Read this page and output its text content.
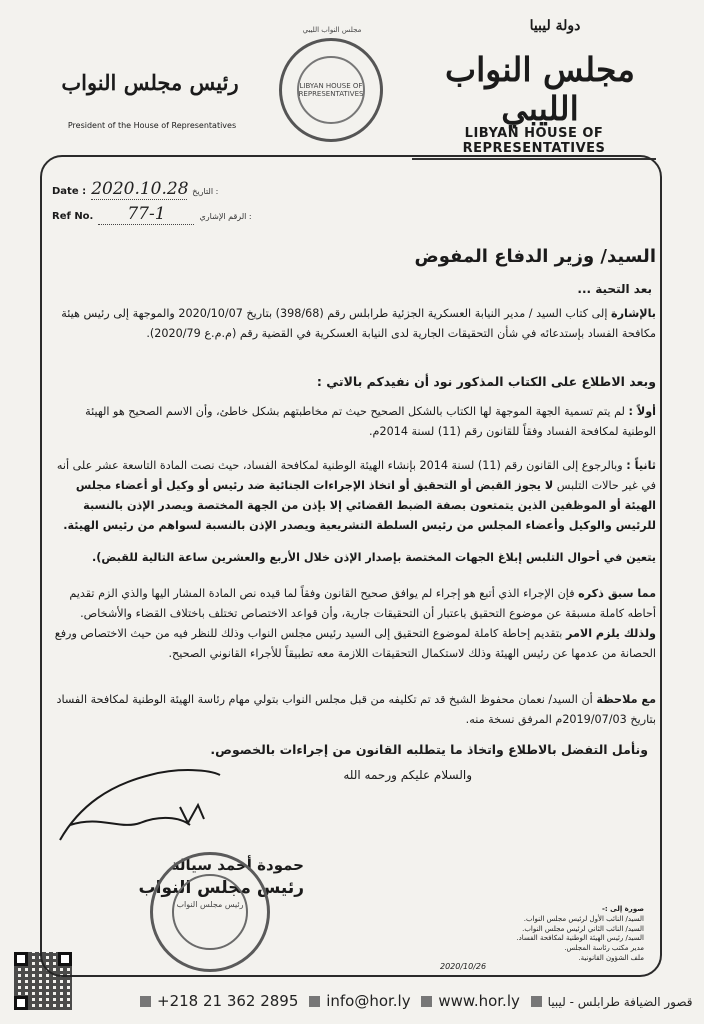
رئيس مجلس النواب
President of the House of Representatives
مجلس النواب الليبي
LIBYAN HOUSE OF REPRESENTATIVES
دولة ليبيا
مجلس النواب الليبي
LIBYAN HOUSE OF REPRESENTATIVES
Date : 2020.10.28 التاريخ :
Ref No. 77-1	الرقم الإشاري :
السيد/ وزير الدفاع المفوض
بعد التحية ...
بالإشارة إلى كتاب السيد / مدير النيابة العسكرية الجزئية طرابلس رقم (398/68) بتاريخ 2020/10/07 والموجهة إلى رئيس هيئة مكافحة الفساد بإستدعائه في شأن التحقيقات الجارية لدى النيابة العسكرية في القضية رقم (م.م.ع 2020/79).
وبعد الاطلاع على الكتاب المذكور نود أن نفيدكم بالاتي :
أولاً : لم يتم تسمية الجهة الموجهة لها الكتاب بالشكل الصحيح حيث تم مخاطبتهم بشكل خاطئ، وأن الاسم الصحيح هو الهيئة الوطنية لمكافحة الفساد وفقاً للقانون رقم (11) لسنة 2014م.
ثانياً : وبالرجوع إلى القانون رقم (11) لسنة 2014 بإنشاء الهيئة الوطنية لمكافحة الفساد، حيث نصت المادة التاسعة عشر على أنه في غير حالات التلبس لا يجوز القبض أو التحقيق أو اتخاذ الإجراءات الجنائية ضد رئيس أو وكيل أو أعضاء مجلس الهيئة أو الموظفين الذين يتمتعون بصفة الضبط القضائي إلا بإذن من الجهة المختصة ويصدر الإذن بالنسبة للرئيس والوكيل وأعضاء المجلس من رئيس السلطة التشريعية ويصدر الإذن بالنسبة لسواهم من رئيس الهيئة.
يتعين في أحوال التلبس إبلاغ الجهات المختصة بإصدار الإذن خلال الأربع والعشرين ساعة التالية للقبض).
مما سبق ذكره فإن الإجراء الذي أتبع هو إجراء لم يوافق صحيح القانون وفقاً لما قيده نص المادة المشار اليها والذي الزم تقديم أحاطه كاملة مسبقة عن موضوع التحقيق باعتبار أن التحقيقات جارية، وأن قواعد الاختصاص تختلف باختلاف القضاء والأشخاص. ولذلك يلزم الامر بتقديم إحاطة كاملة لموضوع التحقيق إلى السيد رئيس مجلس النواب وذلك للنظر فيه من حيث الاختصاص ورفع الحصانة من عدمها عن رئيس الهيئة وذلك لاستكمال التحقيقات اللازمة معه تطبيقاً للأجراء القانوني الصحيح.
مع ملاحظة أن السيد/ نعمان محفوظ الشيخ قد تم تكليفه من قبل مجلس النواب بتولي مهام رئاسة الهيئة الوطنية لمكافحة الفساد بتاريخ 2019/07/03م المرفق نسخة منه.
ونأمل التفضل بالاطلاع واتخاذ ما يتطلبه القانون من إجراءات بالخصوص.
والسلام عليكم ورحمه الله
حمودة أحمد سيالة
رئيس مجلس النواب
رئيس مجلس النواب	صورة إلى :-
السيد/ النائب الأول لرئيس مجلس النواب.
السيد/ النائب الثاني لرئيس مجلس النواب.
السيد/ رئيس الهيئة الوطنية لمكافحة الفساد.
مدير مكتب رئاسة المجلس.
ملف الشؤون القانونية.
2020/10/26
+218 21 362 2895 info@hor.ly www.hor.ly قصور الضيافة طرابلس - ليبيا
